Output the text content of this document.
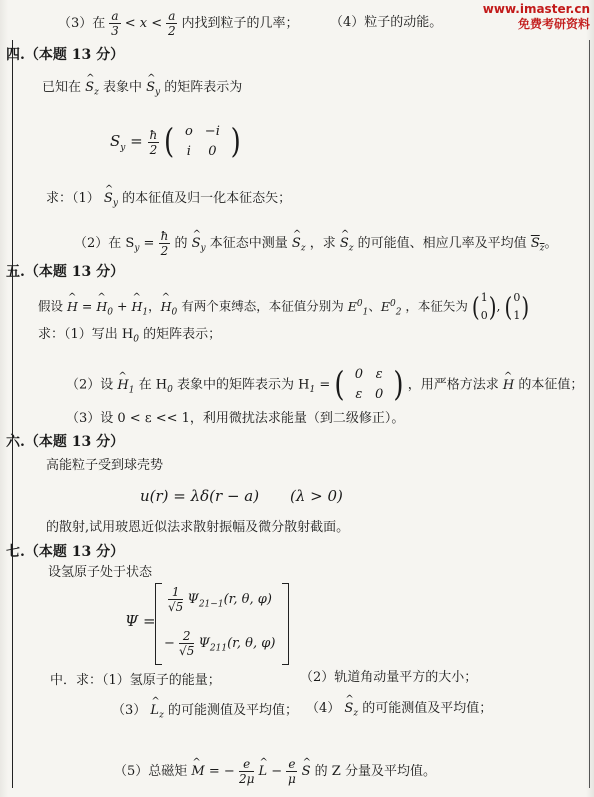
www.imaster.cn
免费考研资料
（3）在 $\frac{a}{3} < x < \frac{a}{2}$ 内找到粒子的几率； （4）粒子的动能。
四.（本题 13 分）
已知在 ^ $S_z$ 表象中 ^ $S_y$ 的矩阵表示为
$S_y = \frac{ħ}{2}$ ( o	−i
i	0 )
求：（1） ^ $S_y$ 的本征值及归一化本征态矢；
（2）在 $S_y = \frac{ħ}{2}$ 的 ^ $S_y$ 本征态中测量 ^ $S_z$ ，求 ^ $S_z$ 的可能值、相应几率及平均值 $S_z$。
五.（本题 13 分）
假设 ^ H = ^ $H_0$ + ^ $H_1$，^ $H_0$ 有两个束缚态，本征值分别为 $E^0_1$、$E^0_2$ ，本征矢为 ( 1
0 ), ( 0
1 )
求：（1）写出 $H_0$ 的矩阵表示；
（2）设 ^ $H_1$ 在 $H_0$ 表象中的矩阵表示为 $H_1$ = ( 0	ε
ε	0 ) ，用严格方法求 ^ H 的本征值；
（3）设 0 < ε << 1，利用微扰法求能量（到二级修正）。
六.（本题 13 分）
高能粒子受到球壳势
u(r) = λδ(r − a) (λ > 0)
的散射,试用玻恩近似法求散射振幅及微分散射截面。
七.（本题 13 分）
设氢原子处于状态
Ψ =
$\frac{1}{√5} \Psi_{21-1}(r$, θ, φ)
− $\frac{2}{√5} \Psi_{211}(r$, θ, φ)
中．求：（1）氢原子的能量；	（2）轨道角动量平方的大小；
（3） ^ $L_z$ 的可能测值及平均值； （4） ^ $S_z$ 的可能测值及平均值；
（5）总磁矩 ^ M = − $\frac{e}{2\mu}$ ^ $L - \frac{e}{\mu}$ ^ S 的 Z 分量及平均值。
